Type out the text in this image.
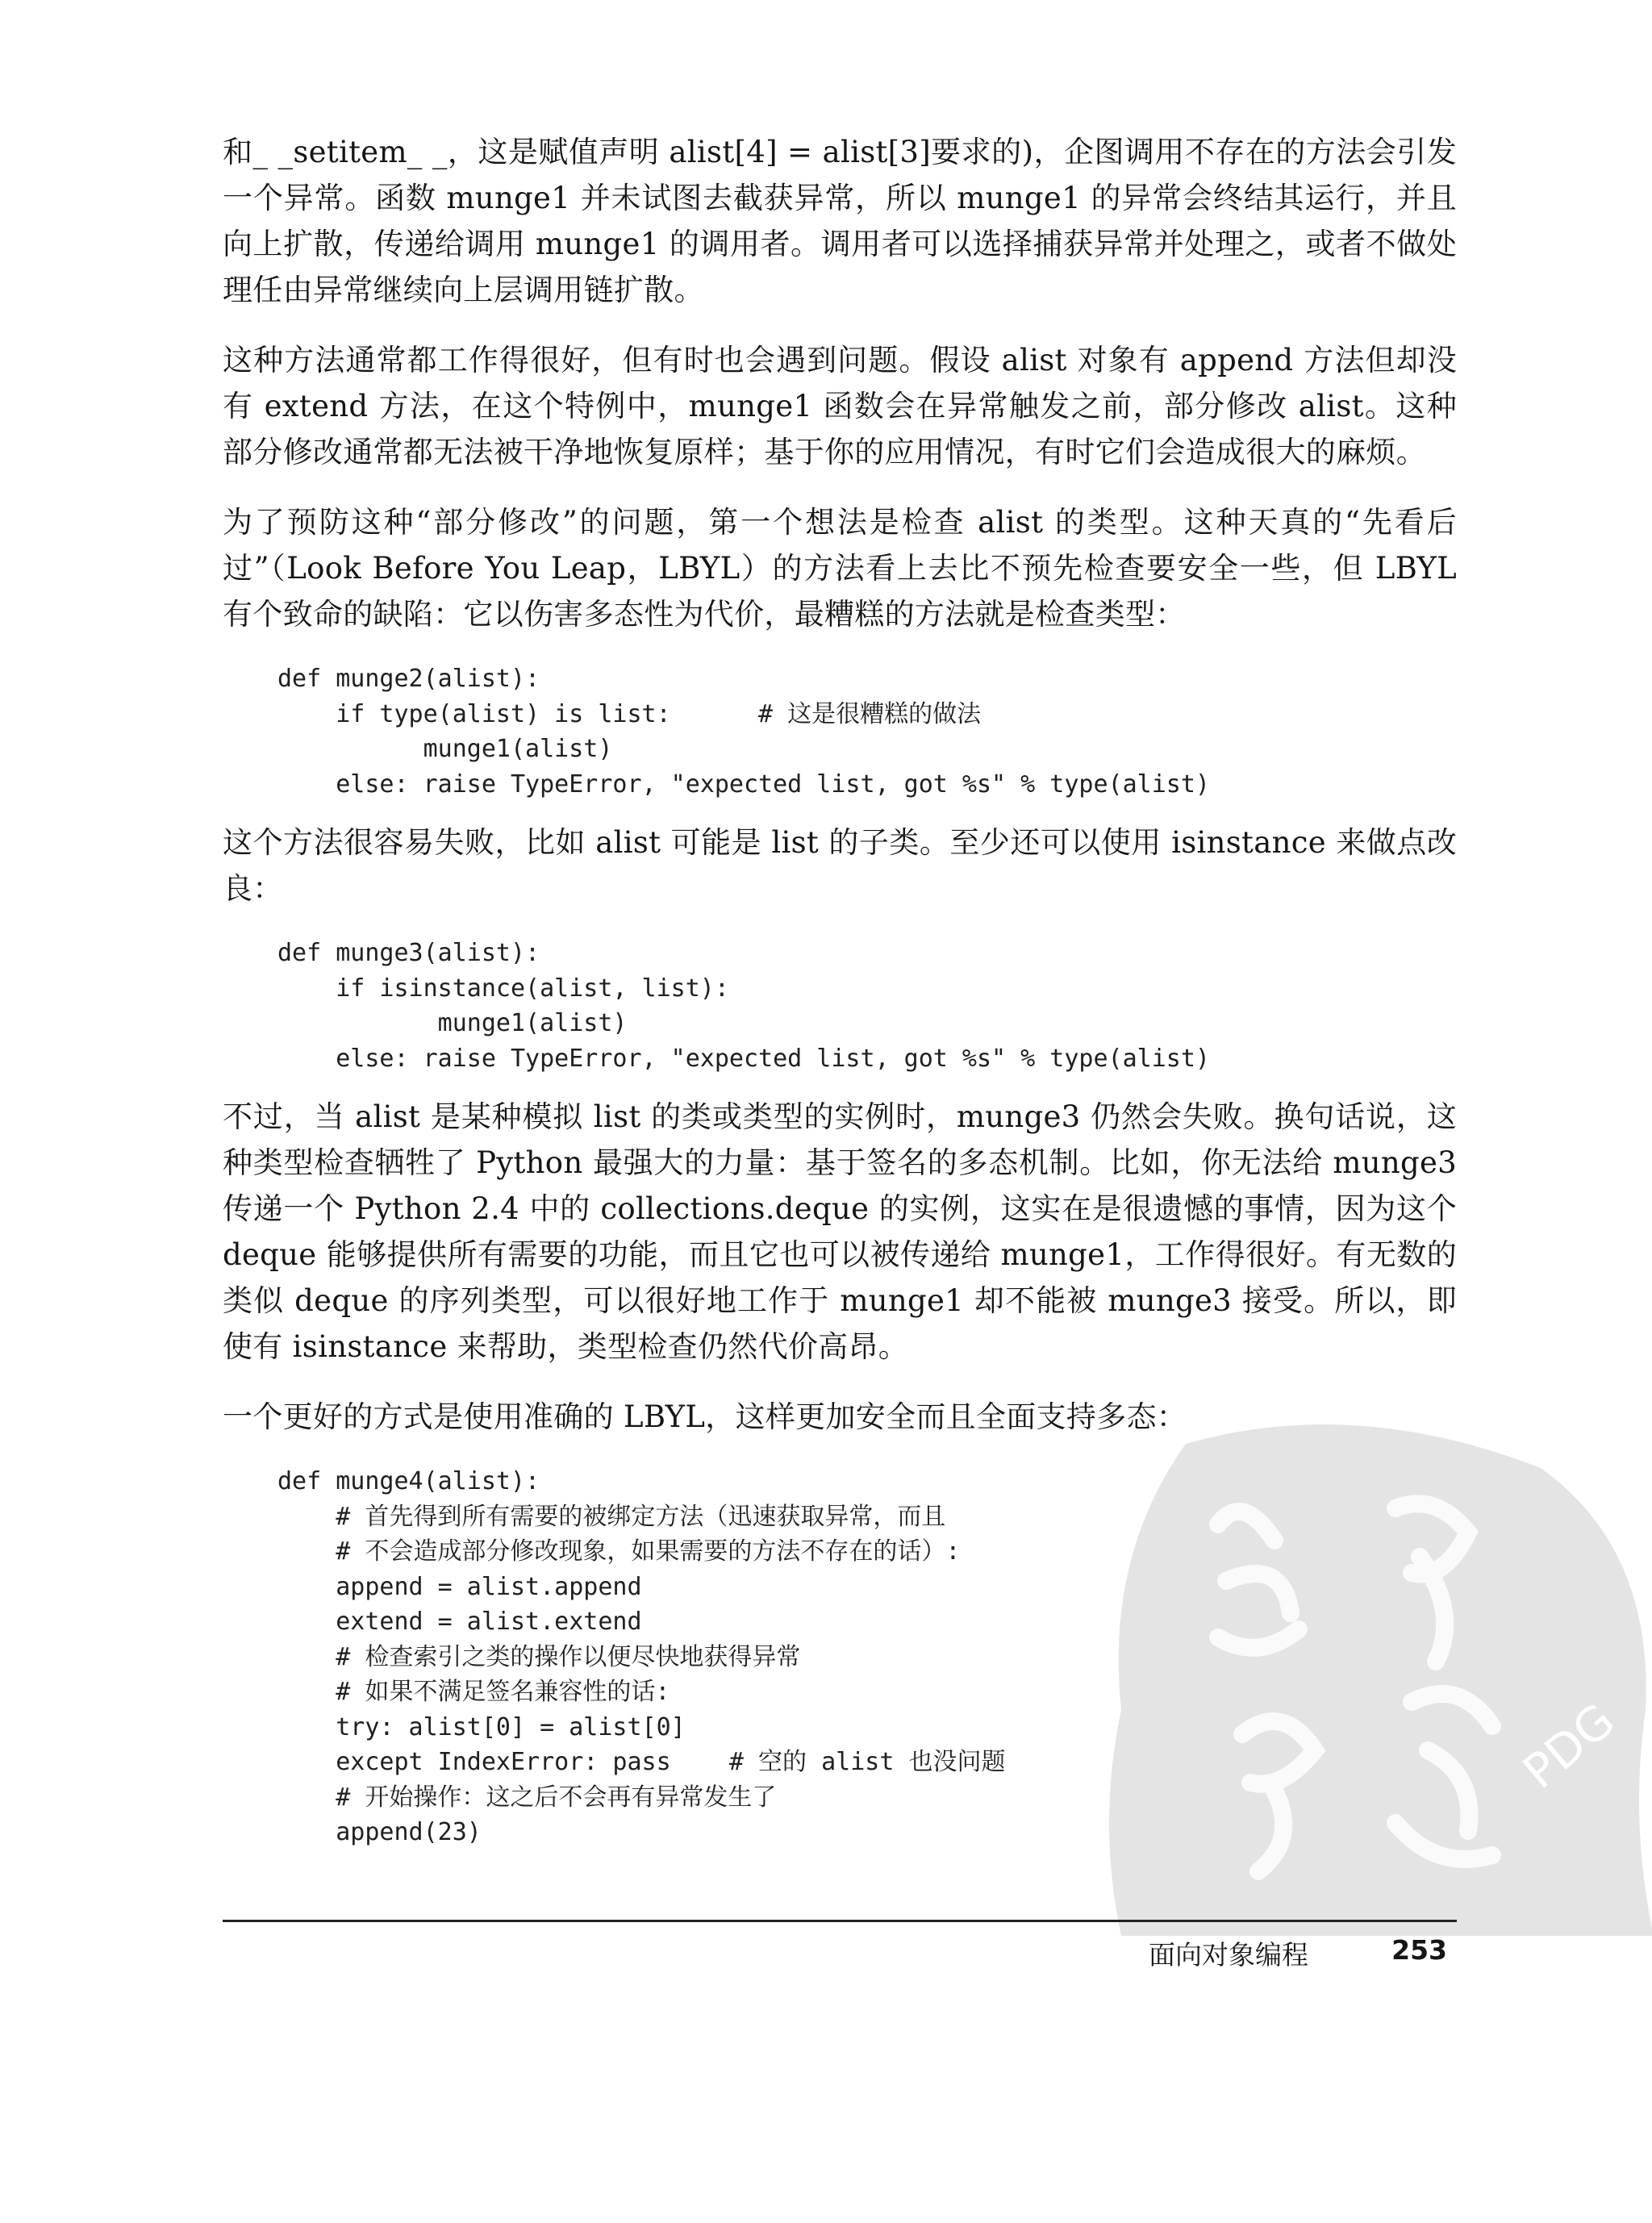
和_ _setitem_ _，这是赋值声明 alist[4] = alist[3]要求的)，企图调用不存在的方法会引发一个异常。函数 munge1 并未试图去截获异常，所以 munge1 的异常会终结其运行，并且向上扩散，传递给调用 munge1 的调用者。调用者可以选择捕获异常并处理之，或者不做处理任由异常继续向上层调用链扩散。

这种方法通常都工作得很好，但有时也会遇到问题。假设 alist 对象有 append 方法但却没有 extend 方法，在这个特例中，munge1 函数会在异常触发之前，部分修改 alist。这种部分修改通常都无法被干净地恢复原样；基于你的应用情况，有时它们会造成很大的麻烦。

为了预防这种“部分修改”的问题，第一个想法是检查 alist 的类型。这种天真的“先看后过”（Look Before You Leap，LBYL）的方法看上去比不预先检查要安全一些，但 LBYL 有个致命的缺陷：它以伤害多态性为代价，最糟糕的方法就是检查类型：

def munge2(alist):
if type(alist) is list:      # 这是很糟糕的做法
munge1(alist)
else: raise TypeError, "expected list, got %s" % type(alist)

这个方法很容易失败，比如 alist 可能是 list 的子类。至少还可以使用 isinstance 来做点改良：

def munge3(alist):
if isinstance(alist, list):
munge1(alist)
else: raise TypeError, "expected list, got %s" % type(alist)

不过，当 alist 是某种模拟 list 的类或类型的实例时，munge3 仍然会失败。换句话说，这种类型检查牺牲了 Python 最强大的力量：基于签名的多态机制。比如，你无法给 munge3 传递一个 Python 2.4 中的 collections.deque 的实例，这实在是很遗憾的事情，因为这个 deque 能够提供所有需要的功能，而且它也可以被传递给 munge1，工作得很好。有无数的类似 deque 的序列类型，可以很好地工作于 munge1 却不能被 munge3 接受。所以，即使有 isinstance 来帮助，类型检查仍然代价高昂。

一个更好的方式是使用准确的 LBYL，这样更加安全而且全面支持多态：

def munge4(alist):
# 首先得到所有需要的被绑定方法（迅速获取异常，而且
# 不会造成部分修改现象，如果需要的方法不存在的话）:
append = alist.append
extend = alist.extend
# 检查索引之类的操作以便尽快地获得异常
# 如果不满足签名兼容性的话:
try: alist[0] = alist[0]
except IndexError: pass    # 空的 alist 也没问题
# 开始操作：这之后不会再有异常发生了
append(23)
PDG
面向对象编程	253
